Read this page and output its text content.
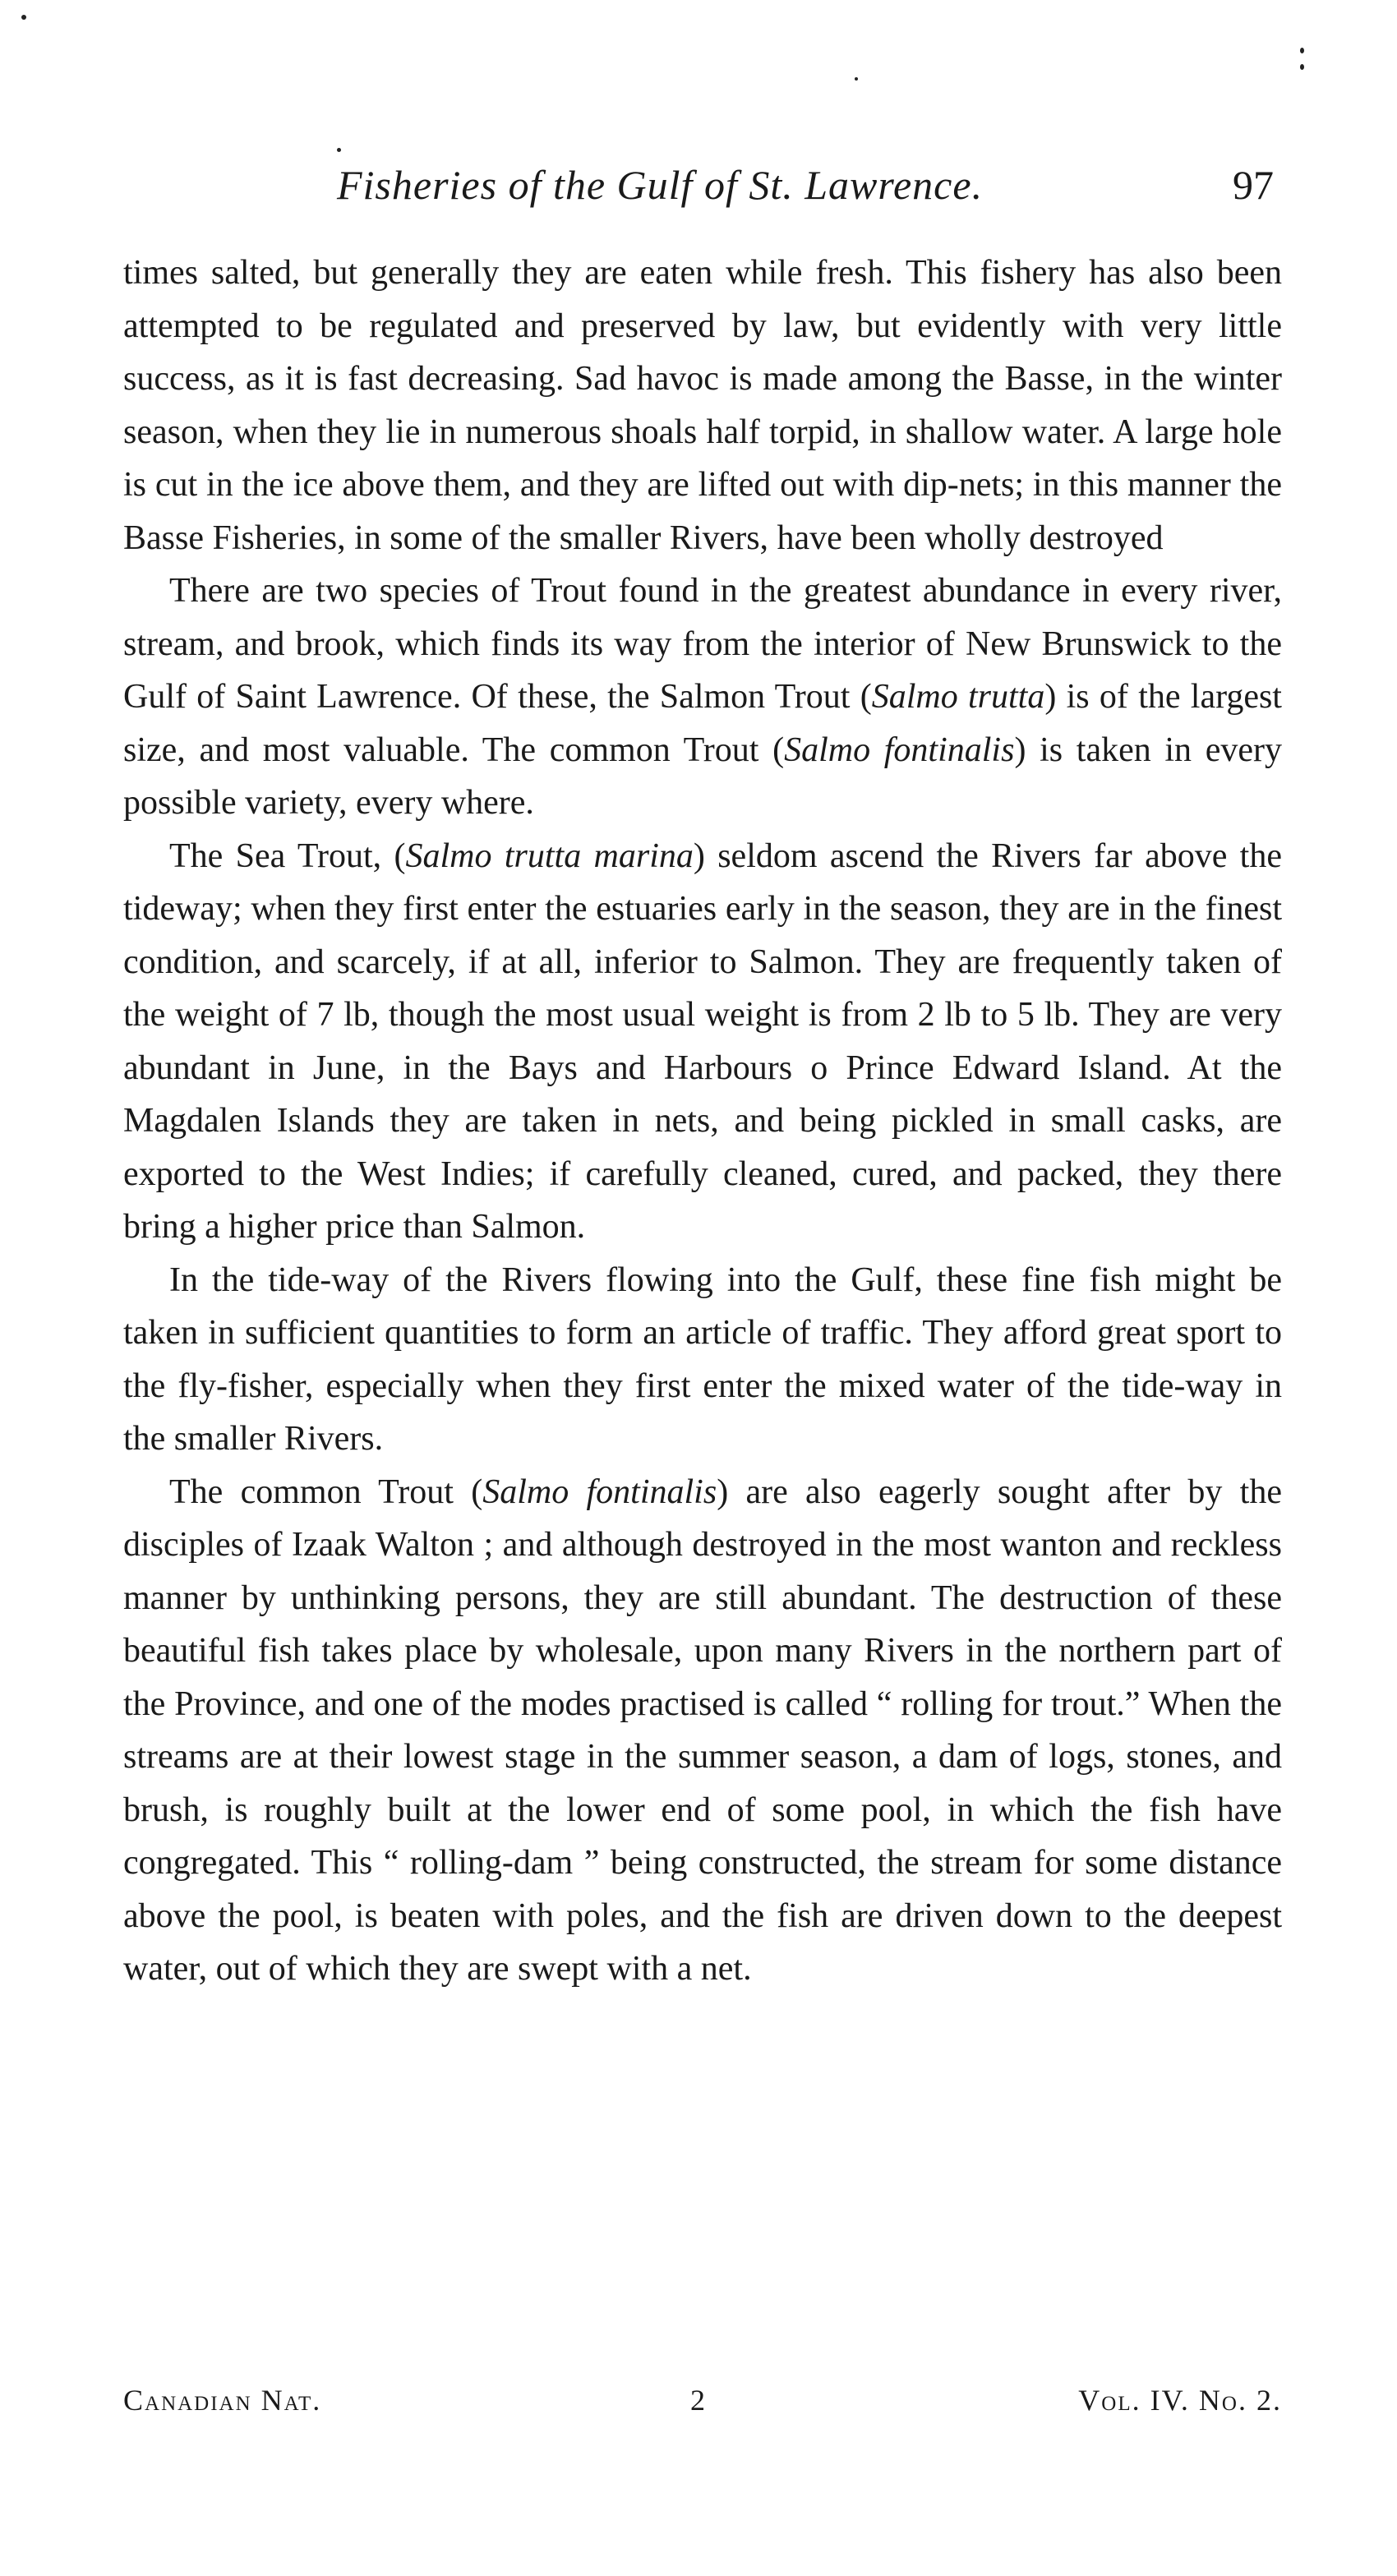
Fisheries of the Gulf of St. Lawrence.	97

times salted, but generally they are eaten while fresh. This fishery has also been attempted to be regulated and preserved by law, but evidently with very little success, as it is fast decreasing. Sad havoc is made among the Basse, in the winter season, when they lie in numerous shoals half torpid, in shallow water. A large hole is cut in the ice above them, and they are lifted out with dip-nets; in this manner the Basse Fisheries, in some of the smaller Rivers, have been wholly destroyed

There are two species of Trout found in the greatest abundance in every river, stream, and brook, which finds its way from the interior of New Brunswick to the Gulf of Saint Lawrence. Of these, the Salmon Trout (Salmo trutta) is of the largest size, and most valuable. The common Trout (Salmo fontinalis) is taken in every possible variety, every where.

The Sea Trout, (Salmo trutta marina) seldom ascend the Rivers far above the tideway; when they first enter the estuaries early in the season, they are in the finest condition, and scarcely, if at all, inferior to Salmon. They are frequently taken of the weight of 7 lb, though the most usual weight is from 2 lb to 5 lb. They are very abundant in June, in the Bays and Harbours o Prince Edward Island. At the Magdalen Islands they are taken in nets, and being pickled in small casks, are exported to the West Indies; if carefully cleaned, cured, and packed, they there bring a higher price than Salmon.

In the tide-way of the Rivers flowing into the Gulf, these fine fish might be taken in sufficient quantities to form an article of traffic. They afford great sport to the fly-fisher, especially when they first enter the mixed water of the tide-way in the smaller Rivers.

The common Trout (Salmo fontinalis) are also eagerly sought after by the disciples of Izaak Walton ; and although destroyed in the most wanton and reckless manner by unthinking persons, they are still abundant. The destruction of these beautiful fish takes place by wholesale, upon many Rivers in the northern part of the Province, and one of the modes practised is called “ rolling for trout.” When the streams are at their lowest stage in the summer season, a dam of logs, stones, and brush, is roughly built at the lower end of some pool, in which the fish have congregated. This “ rolling-dam ” being constructed, the stream for some distance above the pool, is beaten with poles, and the fish are driven down to the deepest water, out of which they are swept with a net.

Canadian Nat.	2	Vol. IV. No. 2.
